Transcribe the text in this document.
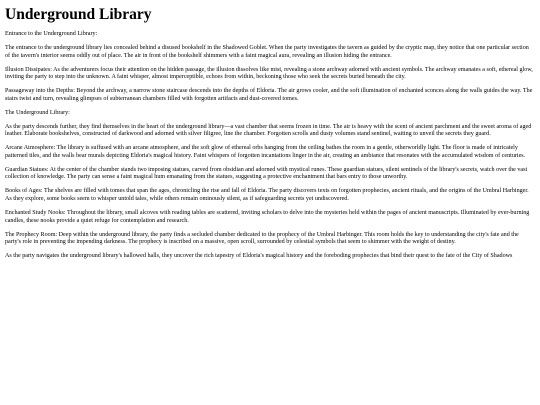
Underground Library

Entrance to the Underground Library:

The entrance to the underground library lies concealed behind a disused bookshelf in the Shadowed Goblet. When the party investigates the tavern as guided by the cryptic map, they notice that one particular section of the tavern's interior seems oddly out of place. The air in front of the bookshelf shimmers with a faint magical aura, revealing an illusion hiding the entrance.

Illusion Dissipates: As the adventurers focus their attention on the hidden passage, the illusion dissolves like mist, revealing a stone archway adorned with ancient symbols. The archway emanates a soft, ethereal glow, inviting the party to step into the unknown. A faint whisper, almost imperceptible, echoes from within, beckoning those who seek the secrets buried beneath the city.

Passageway into the Depths: Beyond the archway, a narrow stone staircase descends into the depths of Eldoria. The air grows cooler, and the soft illumination of enchanted sconces along the walls guides the way. The stairs twist and turn, revealing glimpses of subterranean chambers filled with forgotten artifacts and dust-covered tomes.

The Underground Library:

As the party descends further, they find themselves in the heart of the underground library—a vast chamber that seems frozen in time. The air is heavy with the scent of ancient parchment and the sweet aroma of aged leather. Elaborate bookshelves, constructed of darkwood and adorned with silver filigree, line the chamber. Forgotten scrolls and dusty volumes stand sentinel, waiting to unveil the secrets they guard.

Arcane Atmosphere: The library is suffused with an arcane atmosphere, and the soft glow of ethereal orbs hanging from the ceiling bathes the room in a gentle, otherworldly light. The floor is made of intricately patterned tiles, and the walls bear murals depicting Eldoria's magical history. Faint whispers of forgotten incantations linger in the air, creating an ambiance that resonates with the accumulated wisdom of centuries.

Guardian Statues: At the center of the chamber stands two imposing statues, carved from obsidian and adorned with mystical runes. These guardian statues, silent sentinels of the library's secrets, watch over the vast collection of knowledge. The party can sense a faint magical hum emanating from the statues, suggesting a protective enchantment that bars entry to those unworthy.

Books of Ages: The shelves are filled with tomes that span the ages, chronicling the rise and fall of Eldoria. The party discovers texts on forgotten prophecies, ancient rituals, and the origins of the Umbral Harbinger. As they explore, some books seem to whisper untold tales, while others remain ominously silent, as if safeguarding secrets yet undiscovered.

Enchanted Study Nooks: Throughout the library, small alcoves with reading tables are scattered, inviting scholars to delve into the mysteries held within the pages of ancient manuscripts. Illuminated by ever-burning candles, these nooks provide a quiet refuge for contemplation and research.

The Prophecy Room: Deep within the underground library, the party finds a secluded chamber dedicated to the prophecy of the Umbral Harbinger. This room holds the key to understanding the city's fate and the party's role in preventing the impending darkness. The prophecy is inscribed on a massive, open scroll, surrounded by celestial symbols that seem to shimmer with the weight of destiny.

As the party navigates the underground library's hallowed halls, they uncover the rich tapestry of Eldoria's magical history and the foreboding prophecies that bind their quest to the fate of the City of Shadows
